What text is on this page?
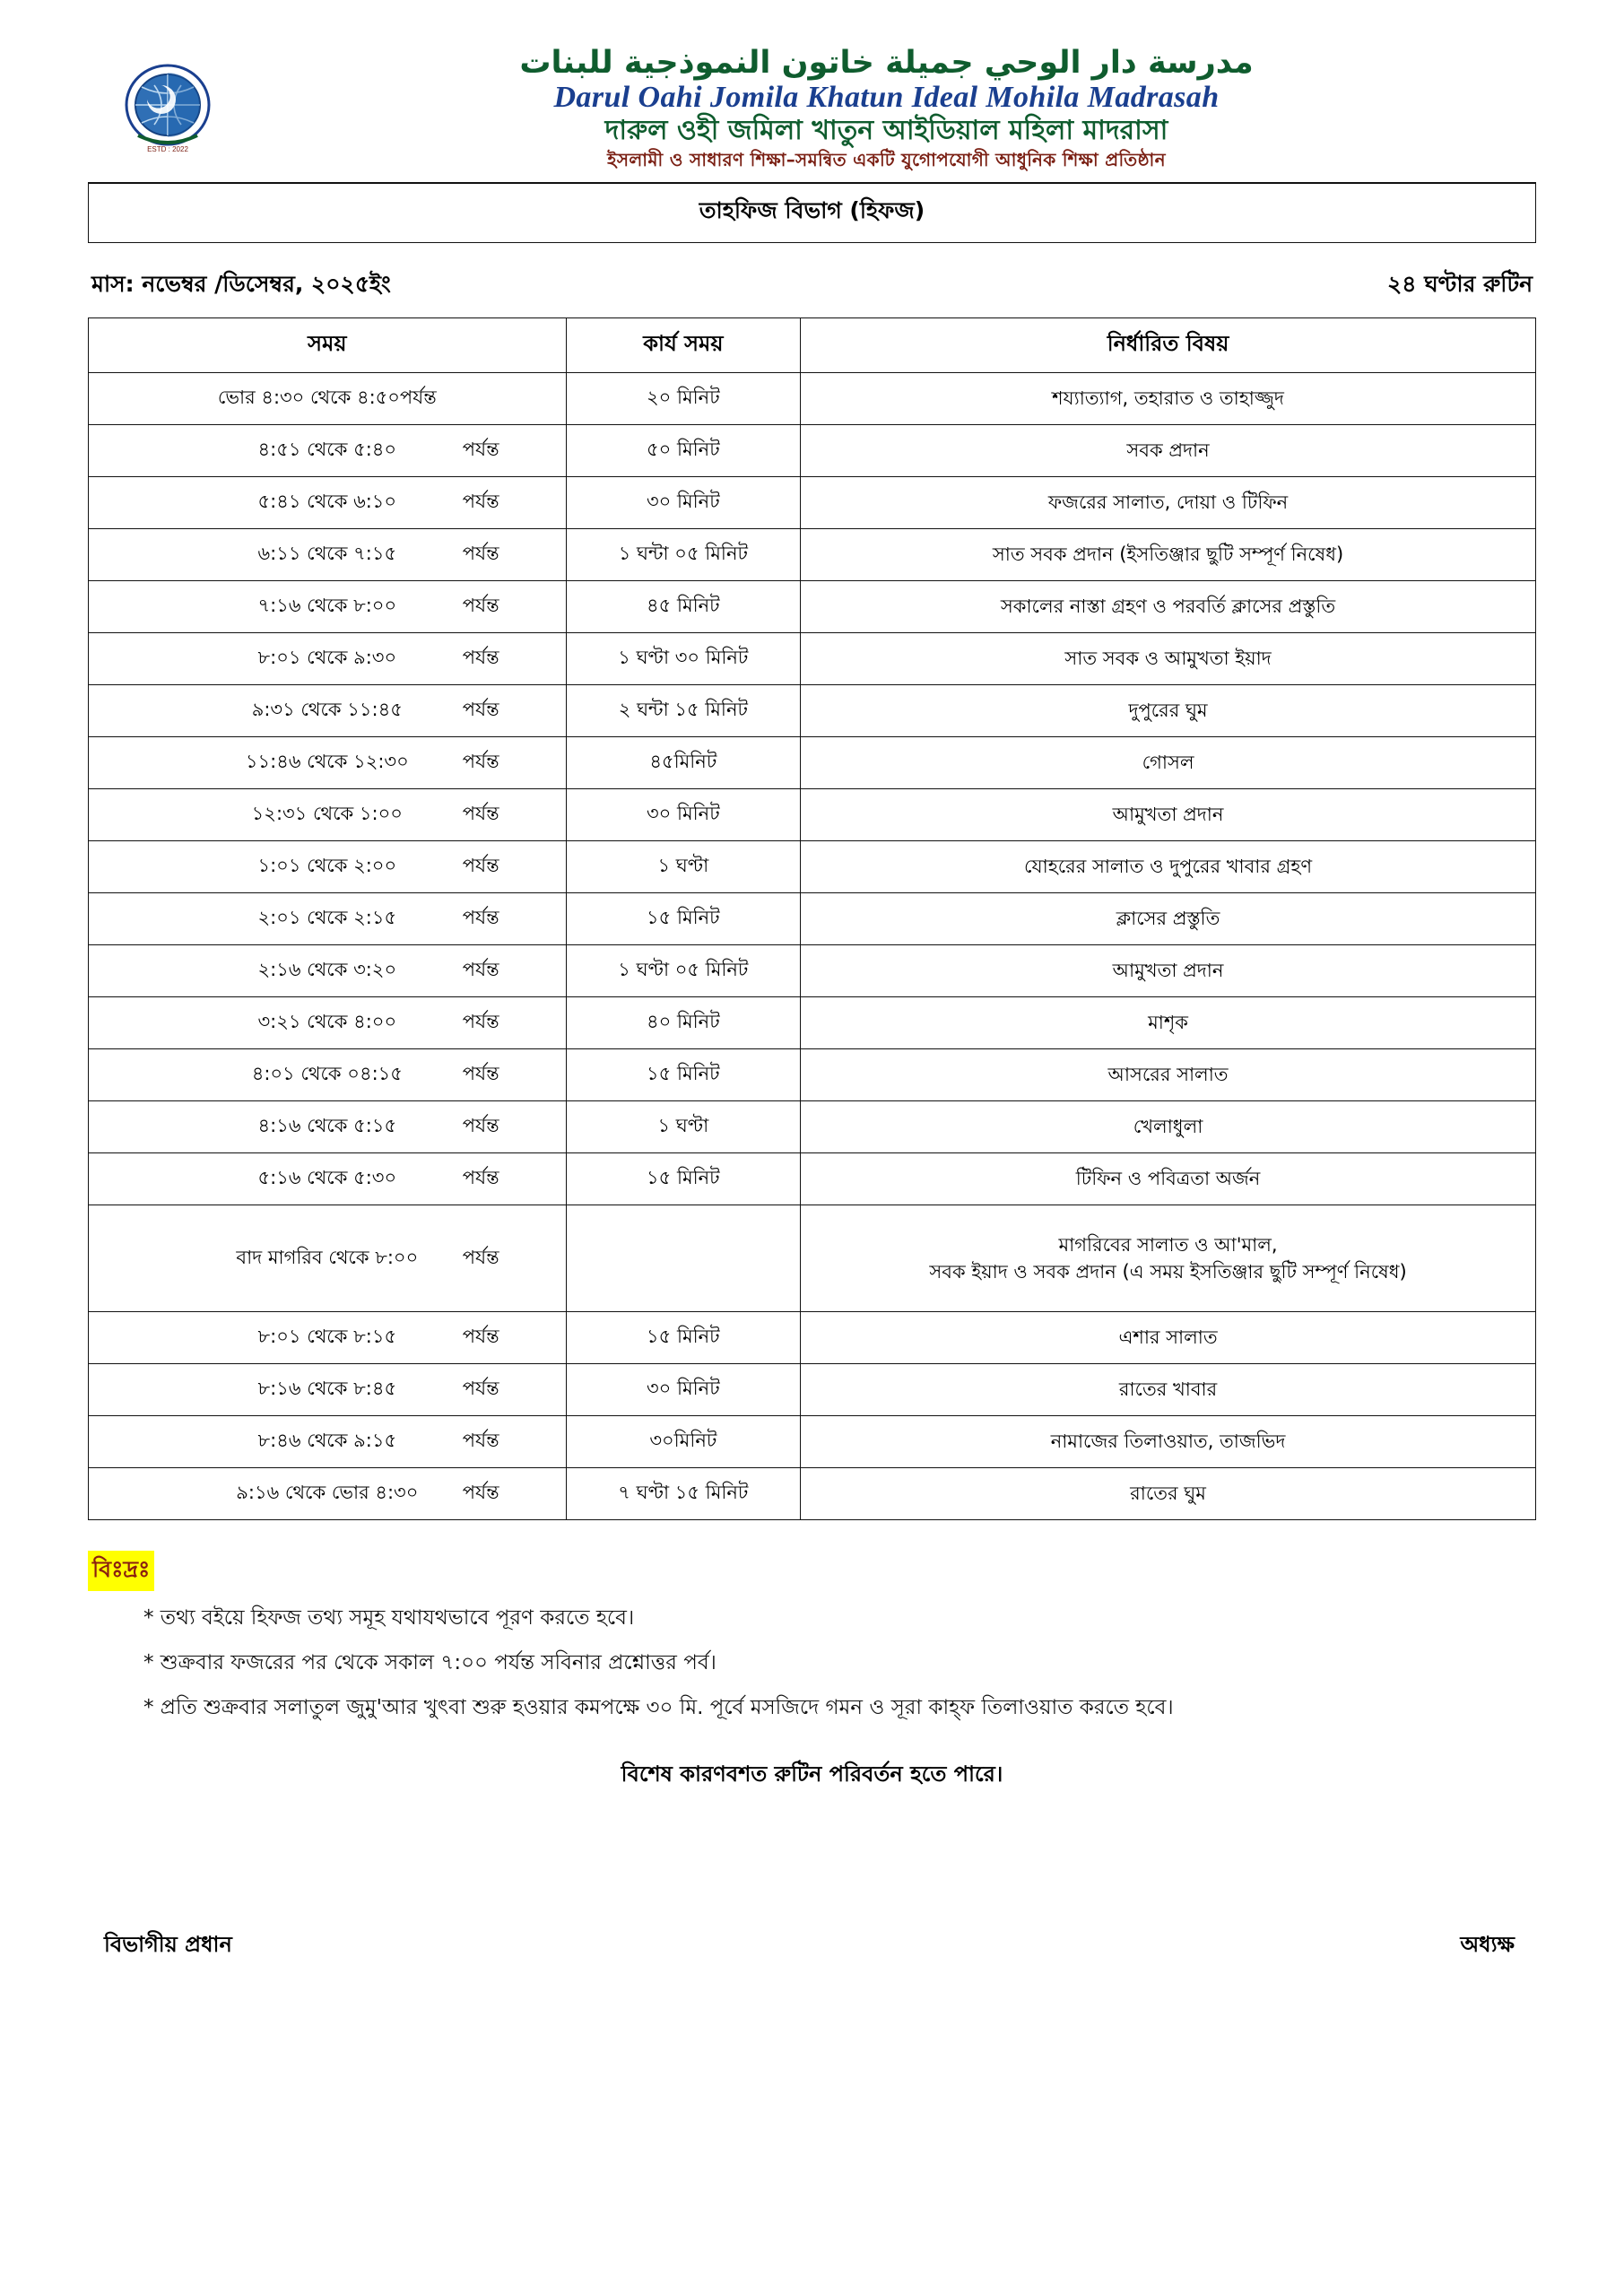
ESTD : 2022
مدرسة دار الوحي جميلة خاتون النموذجية للبنات
Darul Oahi Jomila Khatun Ideal Mohila Madrasah
দারুল ওহী জমিলা খাতুন আইডিয়াল মহিলা মাদরাসা
ইসলামী ও সাধারণ শিক্ষা–সমন্বিত একটি যুগোপযোগী আধুনিক শিক্ষা প্রতিষ্ঠান
তাহফিজ বিভাগ (হিফজ)
মাস: নভেম্বর /ডিসেম্বর, ২০২৫ইং	২৪ ঘণ্টার রুটিন
সময়	কার্য সময়	নির্ধারিত বিষয়

ভোর ৪:৩০ থেকে ৪:৫০পর্যন্ত	২০ মিনিট	শয্যাত্যাগ, তহারাত ও তাহাজ্জুদ

৪:৫১ থেকে ৫:৪০ পর্যন্ত	৫০ মিনিট	সবক প্রদান

৫:৪১ থেকে ৬:১০ পর্যন্ত	৩০ মিনিট	ফজরের সালাত, দোয়া ও টিফিন

৬:১১ থেকে ৭:১৫ পর্যন্ত	১ ঘন্টা ০৫ মিনিট	সাত সবক প্রদান (ইসতিঞ্জার ছুটি সম্পূর্ণ নিষেধ)

৭:১৬ থেকে ৮:০০ পর্যন্ত	৪৫ মিনিট	সকালের নাস্তা গ্রহণ ও পরবর্তি ক্লাসের প্রস্তুতি

৮:০১ থেকে ৯:৩০ পর্যন্ত	১ ঘণ্টা ৩০ মিনিট	সাত সবক ও আমুখতা ইয়াদ

৯:৩১ থেকে ১১:৪৫ পর্যন্ত	২ ঘন্টা ১৫ মিনিট	দুপুরের ঘুম

১১:৪৬ থেকে ১২:৩০ পর্যন্ত	৪৫মিনিট	গোসল

১২:৩১ থেকে ১:০০ পর্যন্ত	৩০ মিনিট	আমুখতা প্রদান

১:০১ থেকে ২:০০ পর্যন্ত	১ ঘণ্টা	যোহরের সালাত ও দুপুরের খাবার গ্রহণ

২:০১ থেকে ২:১৫ পর্যন্ত	১৫ মিনিট	ক্লাসের প্রস্তুতি

২:১৬ থেকে ৩:২০ পর্যন্ত	১ ঘণ্টা ০৫ মিনিট	আমুখতা প্রদান

৩:২১ থেকে ৪:০০ পর্যন্ত	৪০ মিনিট	মাশৃক

৪:০১ থেকে ০৪:১৫ পর্যন্ত	১৫ মিনিট	আসরের সালাত

৪:১৬ থেকে ৫:১৫ পর্যন্ত	১ ঘণ্টা	খেলাধুলা

৫:১৬ থেকে ৫:৩০ পর্যন্ত	১৫ মিনিট	টিফিন ও পবিত্রতা অর্জন

বাদ মাগরিব থেকে ৮:০০ পর্যন্ত		মাগরিবের সালাত ও আ'মাল,
সবক ইয়াদ ও সবক প্রদান (এ সময় ইসতিঞ্জার ছুটি সম্পূর্ণ নিষেধ)

৮:০১ থেকে ৮:১৫ পর্যন্ত	১৫ মিনিট	এশার সালাত

৮:১৬ থেকে ৮:৪৫ পর্যন্ত	৩০ মিনিট	রাতের খাবার

৮:৪৬ থেকে ৯:১৫ পর্যন্ত	৩০মিনিট	নামাজের তিলাওয়াত, তাজভিদ

৯:১৬ থেকে ভোর ৪:৩০ পর্যন্ত	৭ ঘণ্টা ১৫ মিনিট	রাতের ঘুম
বিঃদ্রঃ
* তথ্য বইয়ে হিফজ তথ্য সমূহ যথাযথভাবে পূরণ করতে হবে।
* শুক্রবার ফজরের পর থেকে সকাল ৭:০০ পর্যন্ত সবিনার প্রশ্নোত্তর পর্ব।
* প্রতি শুক্রবার সলাতুল জুমু'আর খুৎবা শুরু হওয়ার কমপক্ষে ৩০ মি. পূর্বে মসজিদে গমন ও সূরা কাহ্ফ তিলাওয়াত করতে হবে।
বিশেষ কারণবশত রুটিন পরিবর্তন হতে পারে।
বিভাগীয় প্রধান	অধ্যক্ষ
